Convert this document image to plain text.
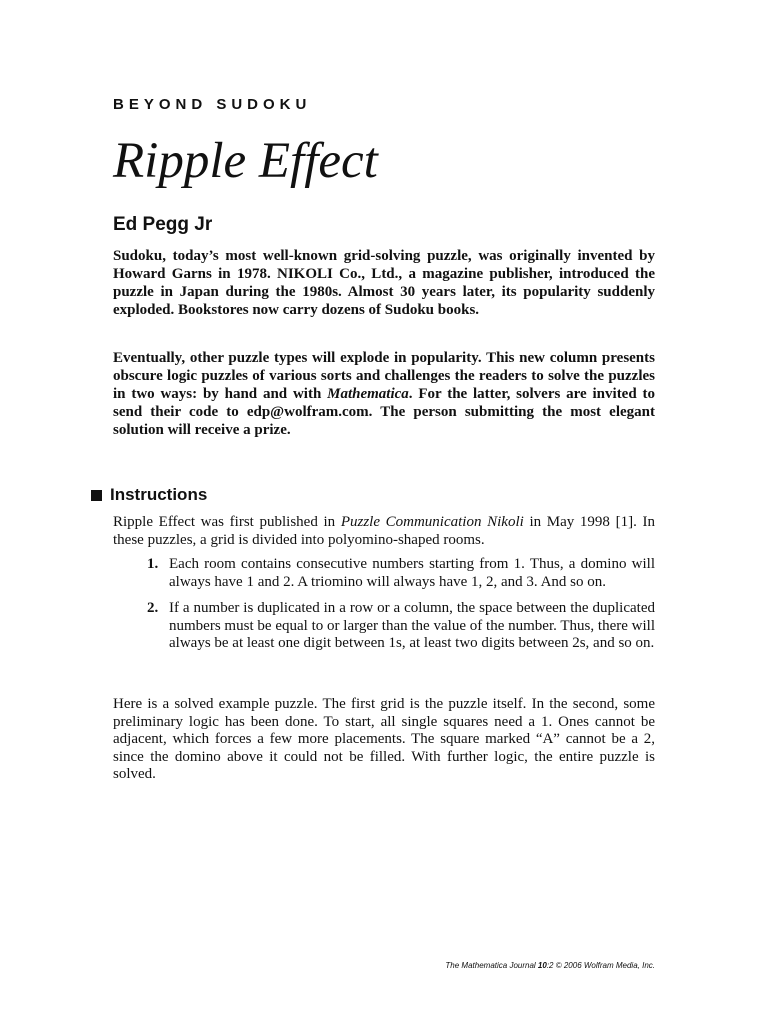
BEYOND SUDOKU
Ripple Effect
Ed Pegg Jr

Sudoku, today’s most well-known grid-solving puzzle, was originally invented by Howard Garns in 1978. NIKOLI Co., Ltd., a magazine publisher, introduced the puzzle in Japan during the 1980s. Almost 30 years later, its popularity suddenly exploded. Bookstores now carry dozens of Sudoku books.

Eventually, other puzzle types will explode in popularity. This new column presents obscure logic puzzles of various sorts and challenges the readers to solve the puzzles in two ways: by hand and with Mathematica. For the latter, solvers are invited to send their code to edp@wolfram.com. The person submitting the most elegant solution will receive a prize.

Instructions

Ripple Effect was first published in Puzzle Communication Nikoli in May 1998 [1]. In these puzzles, a grid is divided into polyomino-shaped rooms.

1. Each room contains consecutive numbers starting from 1. Thus, a domino will always have 1 and 2. A triomino will always have 1, 2, and 3. And so on.
2. If a number is duplicated in a row or a column, the space between the duplicated numbers must be equal to or larger than the value of the number. Thus, there will always be at least one digit between 1s, at least two digits between 2s, and so on.

Here is a solved example puzzle. The first grid is the puzzle itself. In the second, some preliminary logic has been done. To start, all single squares need a 1. Ones cannot be adjacent, which forces a few more placements. The square marked “A” cannot be a 2, since the domino above it could not be filled. With further logic, the entire puzzle is solved.

The Mathematica Journal 10:2 © 2006 Wolfram Media, Inc.
